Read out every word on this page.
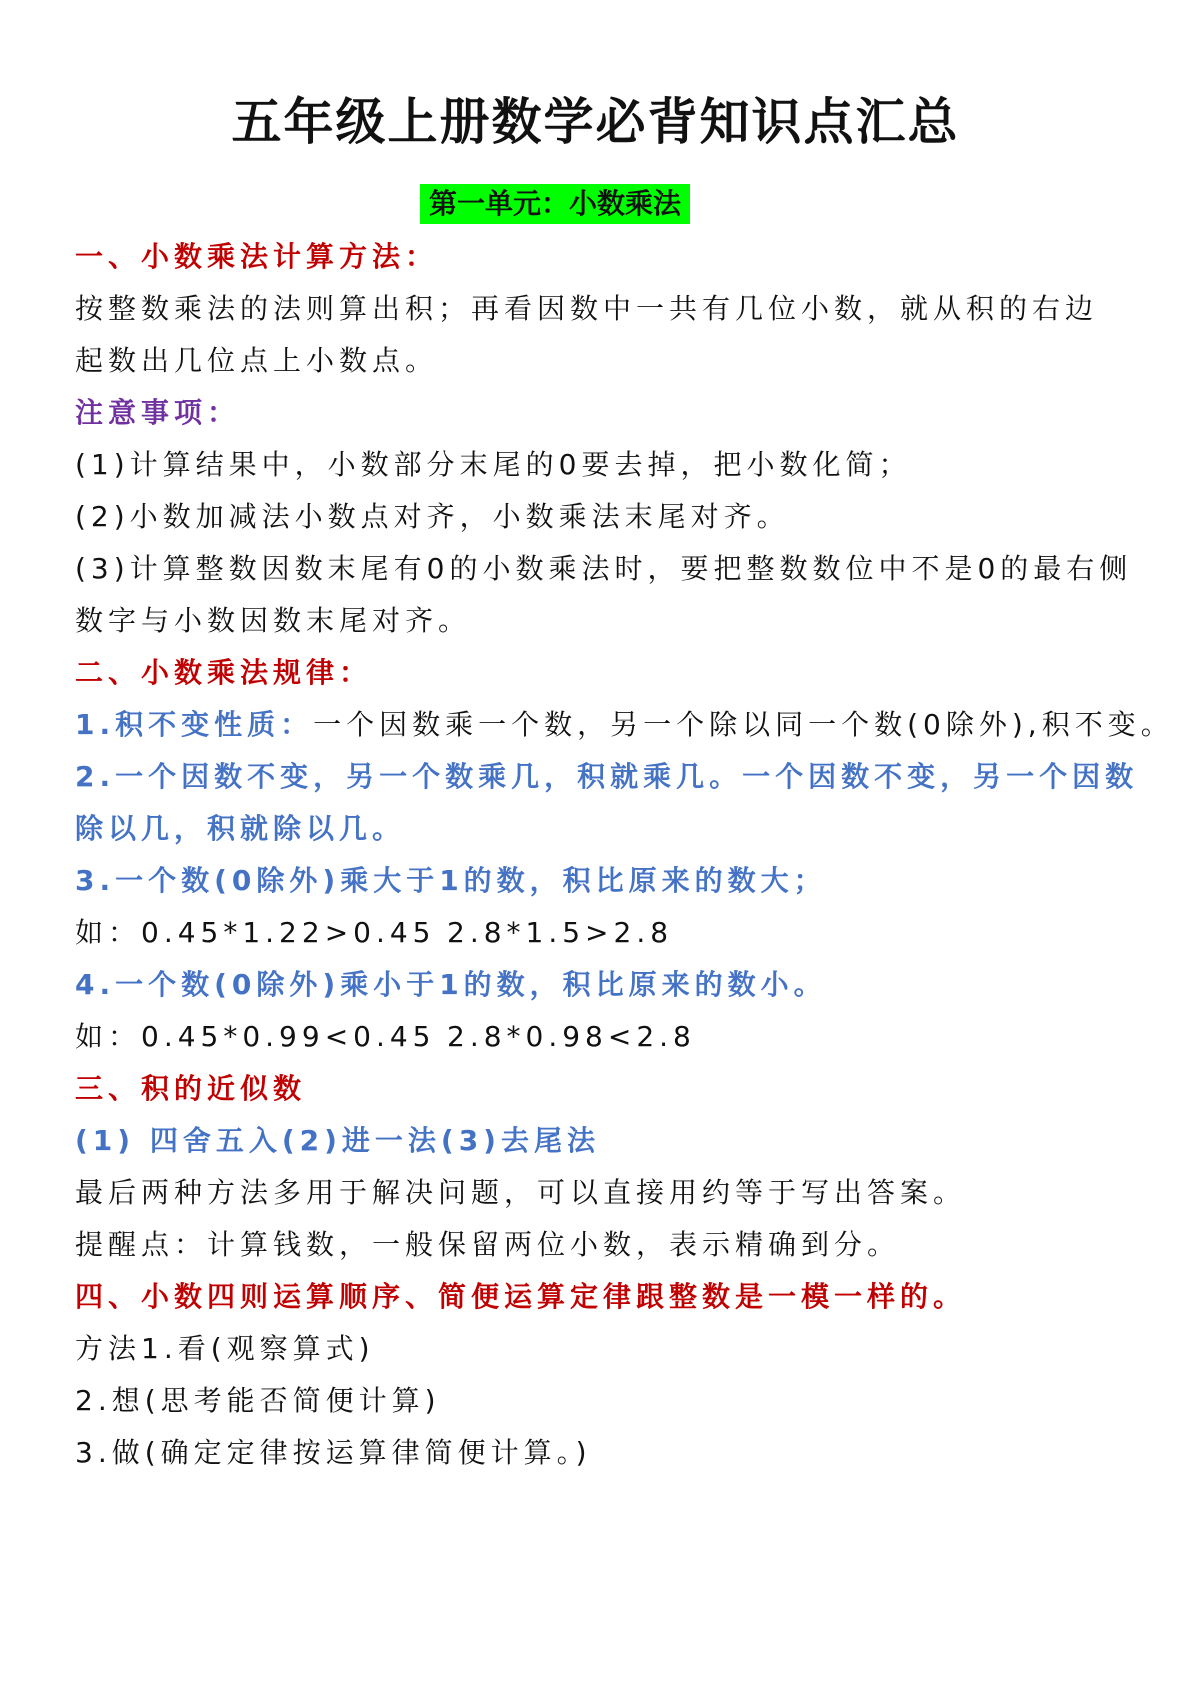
五年级上册数学必背知识点汇总
第一单元：小数乘法
一、小数乘法计算方法：
按整数乘法的法则算出积；再看因数中一共有几位小数，就从积的右边
起数出几位点上小数点。
注意事项：
(1)计算结果中，小数部分末尾的0要去掉，把小数化简；
(2)小数加减法小数点对齐，小数乘法末尾对齐。
(3)计算整数因数末尾有0的小数乘法时，要把整数数位中不是0的最右侧
数字与小数因数末尾对齐。
二、小数乘法规律：
1.积不变性质：一个因数乘一个数，另一个除以同一个数(0除外),积不变。
2.一个因数不变，另一个数乘几，积就乘几。一个因数不变，另一个因数
除以几，积就除以几。
3.一个数(0除外)乘大于1的数，积比原来的数大；
如：0.45*1.22>0.45 2.8*1.5>2.8
4.一个数(0除外)乘小于1的数，积比原来的数小。
如：0.45*0.99<0.45 2.8*0.98<2.8
三、积的近似数
(1) 四舍五入(2)进一法(3)去尾法
最后两种方法多用于解决问题，可以直接用约等于写出答案。
提醒点：计算钱数，一般保留两位小数，表示精确到分。
四、小数四则运算顺序、简便运算定律跟整数是一模一样的。
方法1.看(观察算式)
2.想(思考能否简便计算)
3.做(确定定律按运算律简便计算。)
